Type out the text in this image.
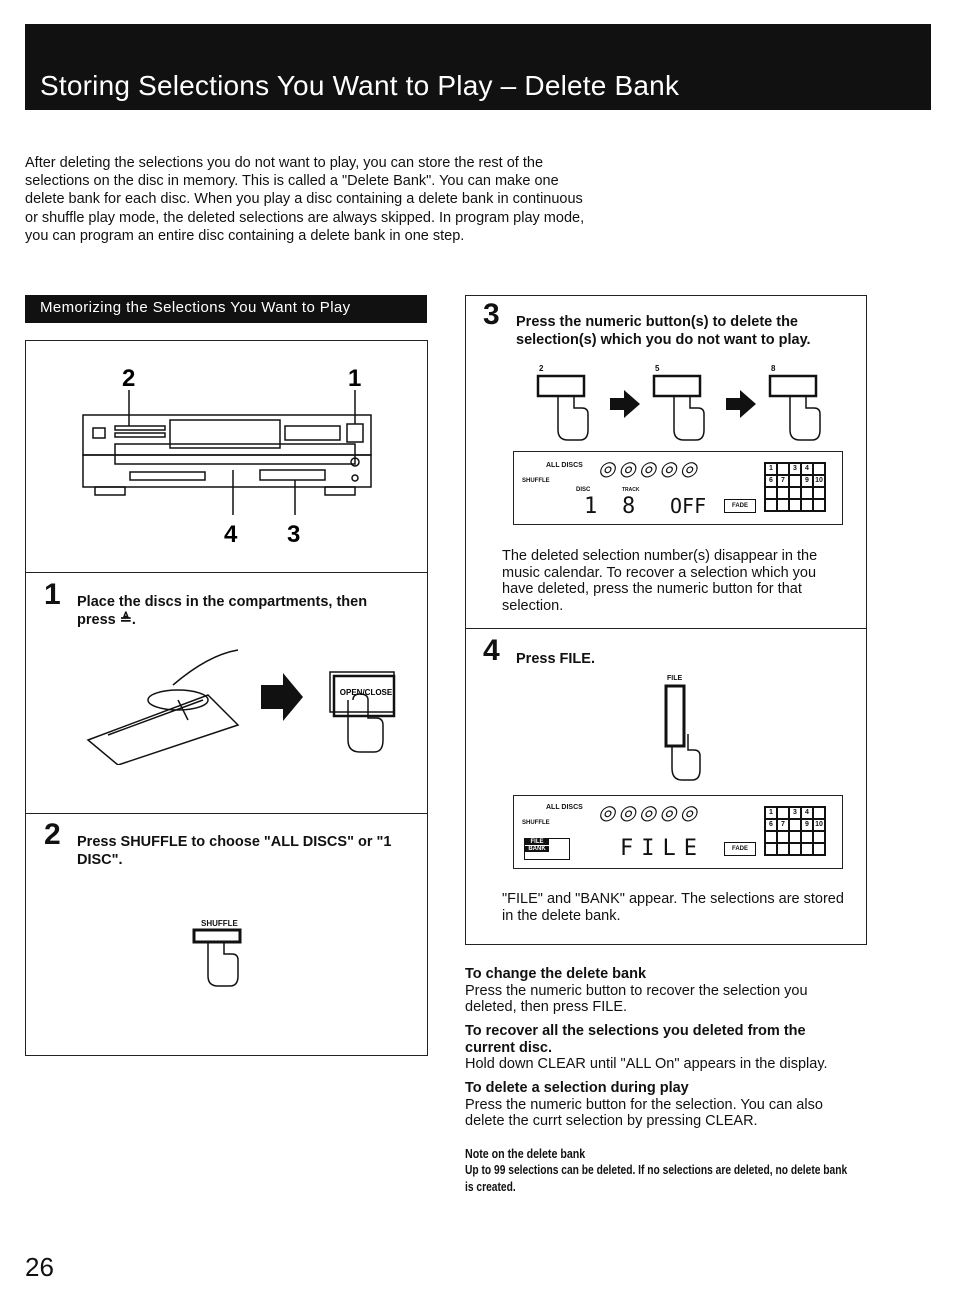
Storing Selections You Want to Play – Delete Bank
After deleting the selections you do not want to play, you can store the rest of the selections on the disc in memory. This is called a "Delete Bank". You can make one delete bank for each disc. When you play a disc containing a delete bank in continuous or shuffle play mode, the deleted selections are always skipped. In program play mode, you can program an entire disc containing a delete bank in one step.
Memorizing the Selections You Want to Play
2	1
4 3
1 Place the discs in the compartments, then press ≜.
OPEN/CLOSE
2 Press SHUFFLE to choose "ALL DISCS" or "1 DISC".
SHUFFLE
3 Press the numeric button(s) to delete the selection(s) which you do not want to play.
2	5	8
ALL DISCS
SHUFFLE
◎◎◎◎◎
DISC	TRACK
1 8 OFF	FADE
1	3	4
6	7	9 10
The deleted selection number(s) disappear in the music calendar. To recover a selection which you have deleted, press the numeric button for that selection.
4 Press FILE.
FILE
ALL DISCS
SHUFFLE ◎◎◎◎◎
FILE
BANK	FILE	FADE
1	3	4
6	7	9 10
"FILE" and "BANK" appear. The selections are stored in the delete bank.
To change the delete bank
Press the numeric button to recover the selection you deleted, then press FILE.
To recover all the selections you deleted from the current disc.
Hold down CLEAR until "ALL On" appears in the display.
To delete a selection during play
Press the numeric button for the selection. You can also delete the currt selection by pressing CLEAR.
Note on the delete bank
Up to 99 selections can be deleted. If no selections are deleted, no delete bank is created.
26
